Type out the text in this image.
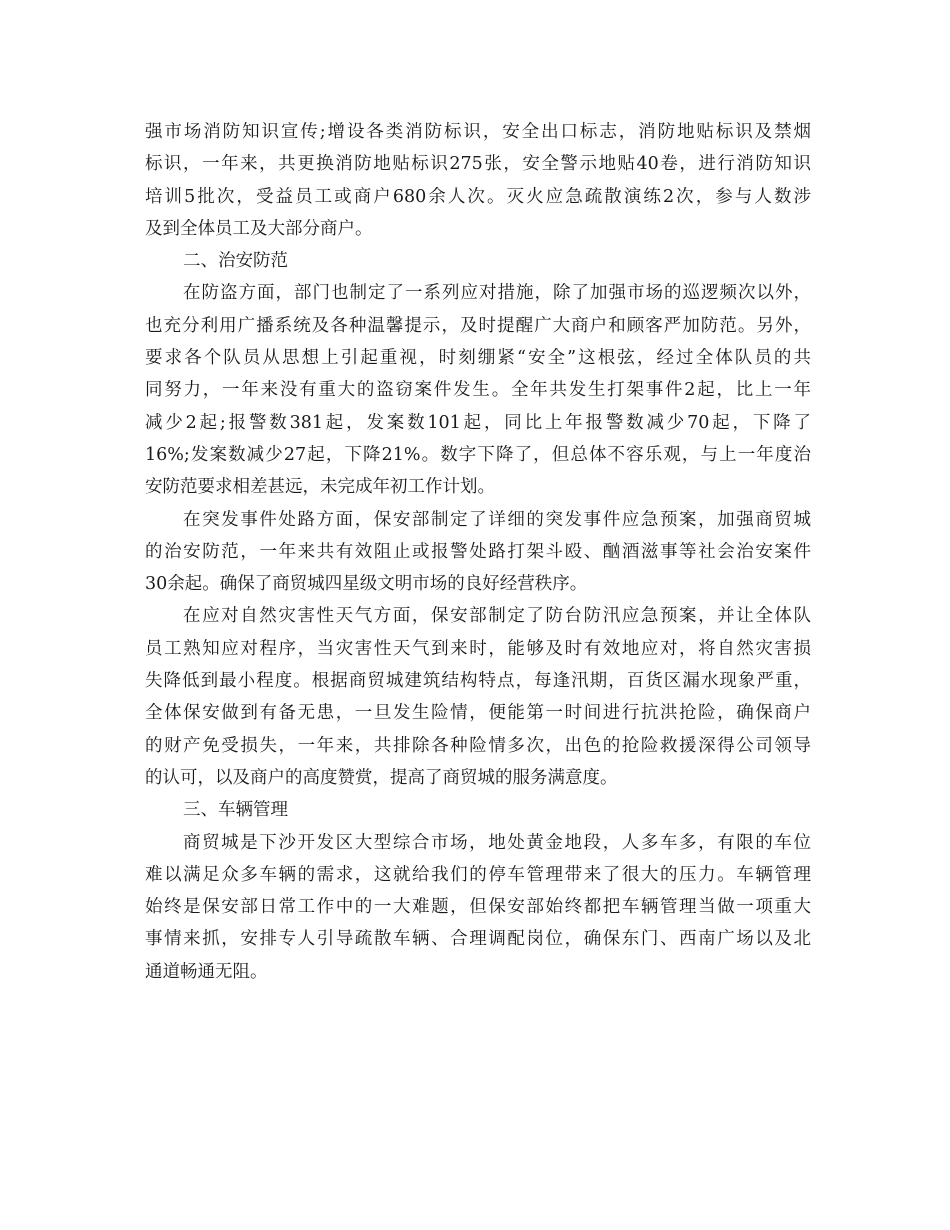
强市场消防知识宣传;增设各类消防标识，安全出口标志，消防地贴标识及禁烟
标识，一年来，共更换消防地贴标识275张，安全警示地贴40卷，进行消防知识
培训5批次，受益员工或商户680余人次。灭火应急疏散演练2次，参与人数涉
及到全体员工及大部分商户。
二、治安防范
在防盗方面，部门也制定了一系列应对措施，除了加强市场的巡逻频次以外，
也充分利用广播系统及各种温馨提示，及时提醒广大商户和顾客严加防范。另外，
要求各个队员从思想上引起重视，时刻绷紧“安全”这根弦，经过全体队员的共
同努力，一年来没有重大的盗窃案件发生。全年共发生打架事件2起，比上一年
减少2起;报警数381起，发案数101起，同比上年报警数减少70起，下降了
16%;发案数减少27起，下降21%。数字下降了，但总体不容乐观，与上一年度治
安防范要求相差甚远，未完成年初工作计划。
在突发事件处路方面，保安部制定了详细的突发事件应急预案，加强商贸城
的治安防范，一年来共有效阻止或报警处路打架斗殴、酗酒滋事等社会治安案件
30余起。确保了商贸城四星级文明市场的良好经营秩序。
在应对自然灾害性天气方面，保安部制定了防台防汛应急预案，并让全体队
员工熟知应对程序，当灾害性天气到来时，能够及时有效地应对，将自然灾害损
失降低到最小程度。根据商贸城建筑结构特点，每逢汛期，百货区漏水现象严重，
全体保安做到有备无患，一旦发生险情，便能第一时间进行抗洪抢险，确保商户
的财产免受损失，一年来，共排除各种险情多次，出色的抢险救援深得公司领导
的认可，以及商户的高度赞赏，提高了商贸城的服务满意度。
三、车辆管理
商贸城是下沙开发区大型综合市场，地处黄金地段，人多车多，有限的车位
难以满足众多车辆的需求，这就给我们的停车管理带来了很大的压力。车辆管理
始终是保安部日常工作中的一大难题，但保安部始终都把车辆管理当做一项重大
事情来抓，安排专人引导疏散车辆、合理调配岗位，确保东门、西南广场以及北
通道畅通无阻。
